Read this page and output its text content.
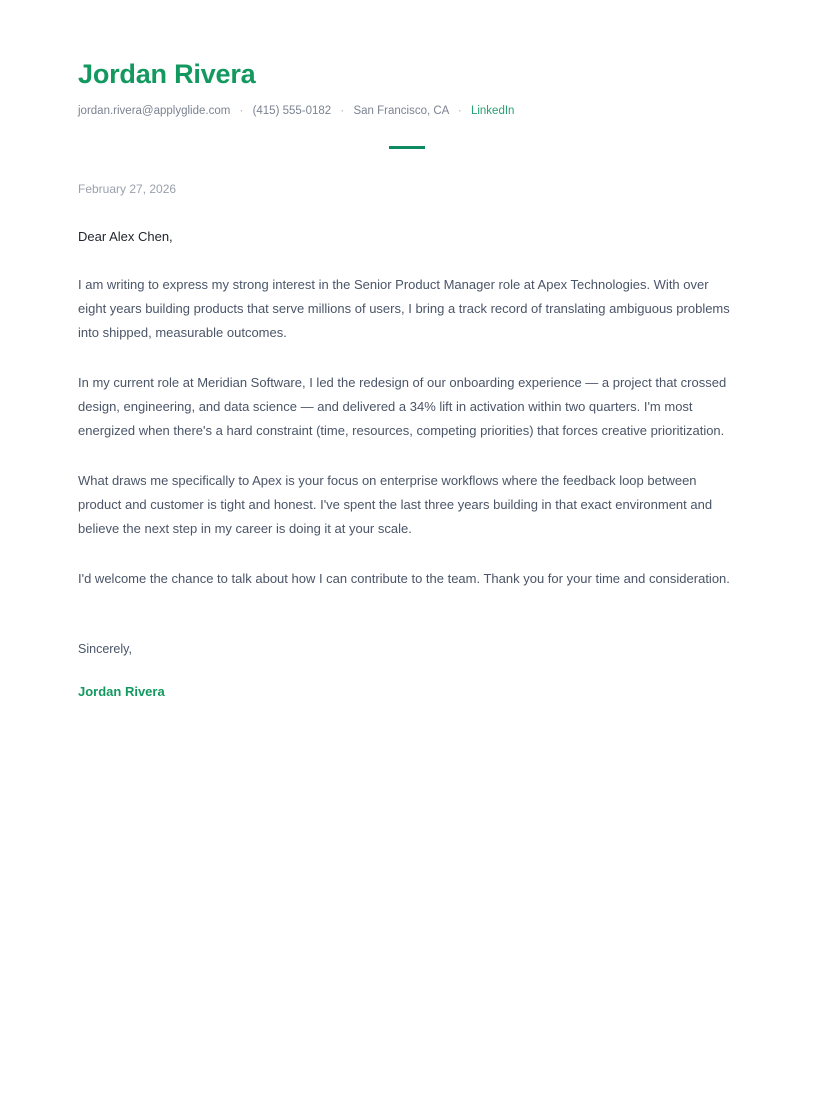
Jordan Rivera
jordan.rivera@applyglide.com · (415) 555-0182 · San Francisco, CA · LinkedIn
February 27, 2026
Dear Alex Chen,

I am writing to express my strong interest in the Senior Product Manager role at Apex Technologies. With over eight years building products that serve millions of users, I bring a track record of translating ambiguous problems into shipped, measurable outcomes.

In my current role at Meridian Software, I led the redesign of our onboarding experience — a project that crossed design, engineering, and data science — and delivered a 34% lift in activation within two quarters. I'm most energized when there's a hard constraint (time, resources, competing priorities) that forces creative prioritization.

What draws me specifically to Apex is your focus on enterprise workflows where the feedback loop between product and customer is tight and honest. I've spent the last three years building in that exact environment and believe the next step in my career is doing it at your scale.

I'd welcome the chance to talk about how I can contribute to the team. Thank you for your time and consideration.

Sincerely,
Jordan Rivera
